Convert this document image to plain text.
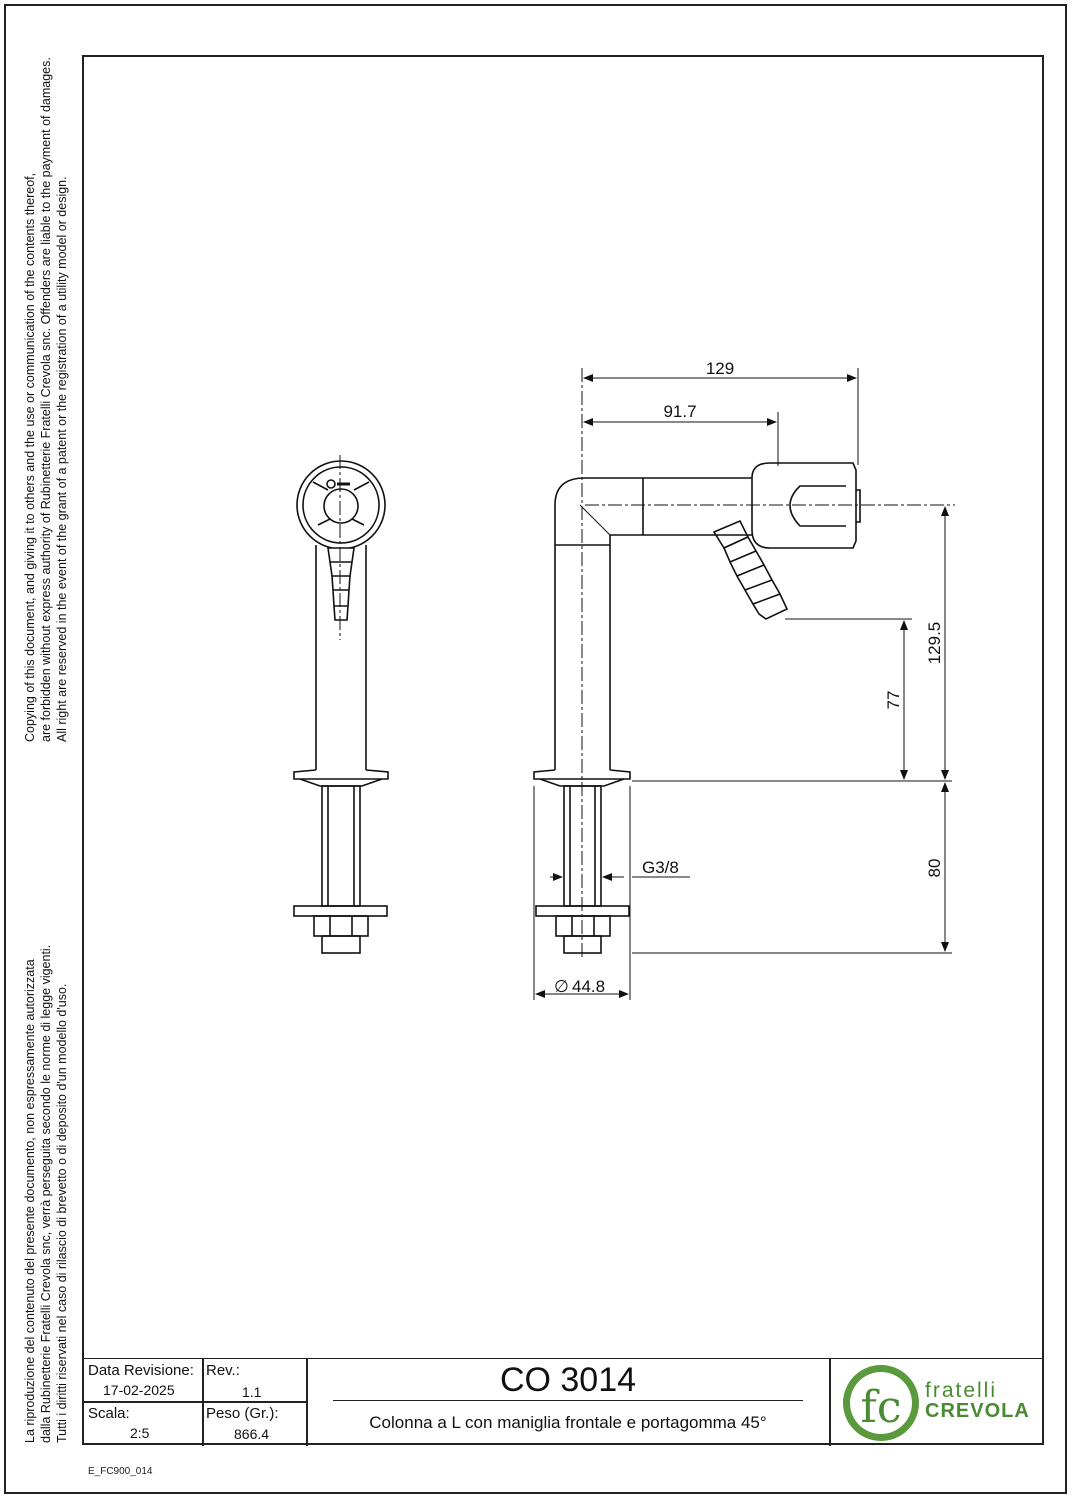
Copying of this document, and giving it to others and the use or communication of the contents thereof, are forbidden without express authority of Rubinetterie Fratelli Crevola snc. Offenders are liable to the payment of damages. All right are reserved in the event of the grant of a patent or the registration of a utility model or design.
La riproduzione del contenuto del presente documento, non espressamente autorizzata dalla Rubinetterie Fratelli Crevola snc, verrà perseguita secondo le norme di legge vigenti. Tutti i diritti riservati nel caso di rilascio di brevetto o di deposito d'un modello d'uso.
129
91.7
77
129.5
80
G3/8
∅ 44.8
Data Revisione:
17-02-2025
Rev.:
1.1
Scala:
2:5
Peso (Gr.):
866.4
CO 3014
Colonna a L con maniglia frontale e portagomma 45°	fc fratelli
CREVOLA
E_FC900_014
